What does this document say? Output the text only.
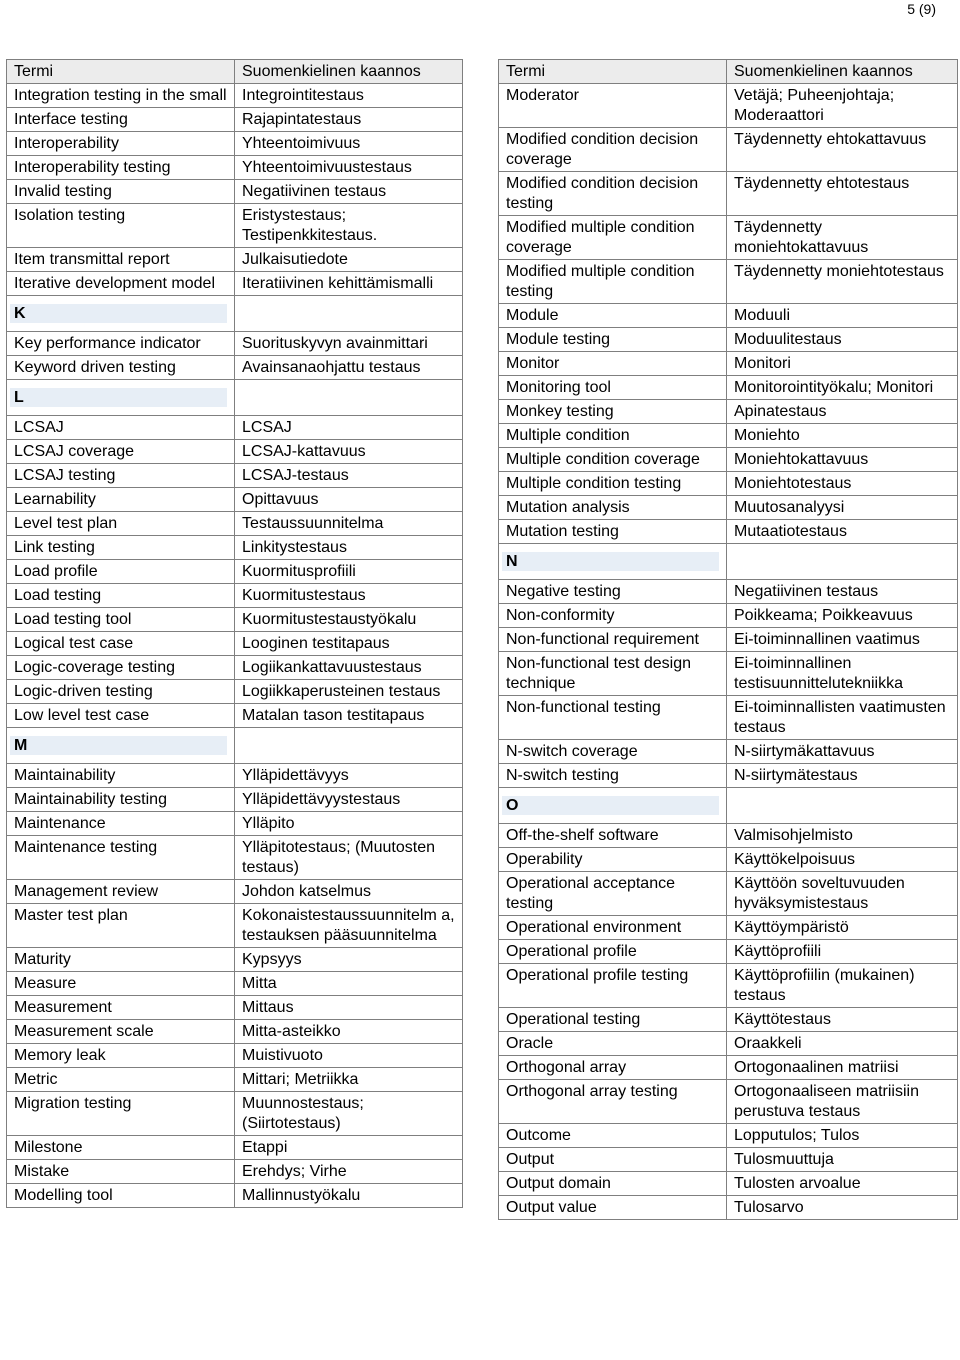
5 (9)
Termi	Suomenkielinen kaannos
Integration testing in the small	Integrointitestaus
Interface testing	Rajapintatestaus
Interoperability	Yhteentoimivuus
Interoperability testing	Yhteentoimivuustestaus
Invalid testing	Negatiivinen testaus
Isolation testing	Eristystestaus; Testipenkkitestaus.
Item transmittal report	Julkaisutiedote
Iterative development model	Iteratiivinen kehittämismalli

K	

Key performance indicator	Suorituskyvyn avainmittari
Keyword driven testing	Avainsanaohjattu testaus

L	

LCSAJ	LCSAJ
LCSAJ coverage	LCSAJ-kattavuus
LCSAJ testing	LCSAJ-testaus
Learnability	Opittavuus
Level test plan	Testaussuunnitelma
Link testing	Linkitystestaus
Load profile	Kuormitusprofiili
Load testing	Kuormitustestaus
Load testing tool	Kuormitustestaustyökalu
Logical test case	Looginen testitapaus
Logic-coverage testing	Logiikankattavuustestaus
Logic-driven testing	Logiikkaperusteinen testaus
Low level test case	Matalan tason testitapaus

M	

Maintainability	Ylläpidettävyys
Maintainability testing	Ylläpidettävyystestaus
Maintenance	Ylläpito
Maintenance testing	Ylläpitotestaus; (Muutosten testaus)
Management review	Johdon katselmus
Master test plan	Kokonaistestaussuunnitelm a, testauksen pääsuunnitelma
Maturity	Kypsyys
Measure	Mitta
Measurement	Mittaus
Measurement scale	Mitta-asteikko
Memory leak	Muistivuoto
Metric	Mittari; Metriikka
Migration testing	Muunnostestaus; (Siirtotestaus)
Milestone	Etappi
Mistake	Erehdys; Virhe
Modelling tool	Mallinnustyökalu
Termi	Suomenkielinen kaannos
Moderator	Vetäjä; Puheenjohtaja; Moderaattori
Modified condition decision coverage	Täydennetty ehtokattavuus
Modified condition decision testing	Täydennetty ehtotestaus
Modified multiple condition coverage	Täydennetty moniehtokattavuus
Modified multiple condition testing	Täydennetty moniehtotestaus
Module	Moduuli
Module testing	Moduulitestaus
Monitor	Monitori
Monitoring tool	Monitorointityökalu; Monitori
Monkey testing	Apinatestaus
Multiple condition	Moniehto
Multiple condition coverage	Moniehtokattavuus
Multiple condition testing	Moniehtotestaus
Mutation analysis	Muutosanalyysi
Mutation testing	Mutaatiotestaus

N	

Negative testing	Negatiivinen testaus
Non-conformity	Poikkeama; Poikkeavuus
Non-functional requirement	Ei-toiminnallinen vaatimus
Non-functional test design technique	Ei-toiminnallinen testisuunnittelutekniikka
Non-functional testing	Ei-toiminnallisten vaatimusten testaus
N-switch coverage	N-siirtymäkattavuus
N-switch testing	N-siirtymätestaus

O	

Off-the-shelf software	Valmisohjelmisto
Operability	Käyttökelpoisuus
Operational acceptance testing	Käyttöön soveltuvuuden hyväksymistestaus
Operational environment	Käyttöympäristö
Operational profile	Käyttöprofiili
Operational profile testing	Käyttöprofiilin (mukainen) testaus
Operational testing	Käyttötestaus
Oracle	Oraakkeli
Orthogonal array	Ortogonaalinen matriisi
Orthogonal array testing	Ortogonaaliseen matriisiin perustuva testaus
Outcome	Lopputulos; Tulos
Output	Tulosmuuttuja
Output domain	Tulosten arvoalue
Output value	Tulosarvo
